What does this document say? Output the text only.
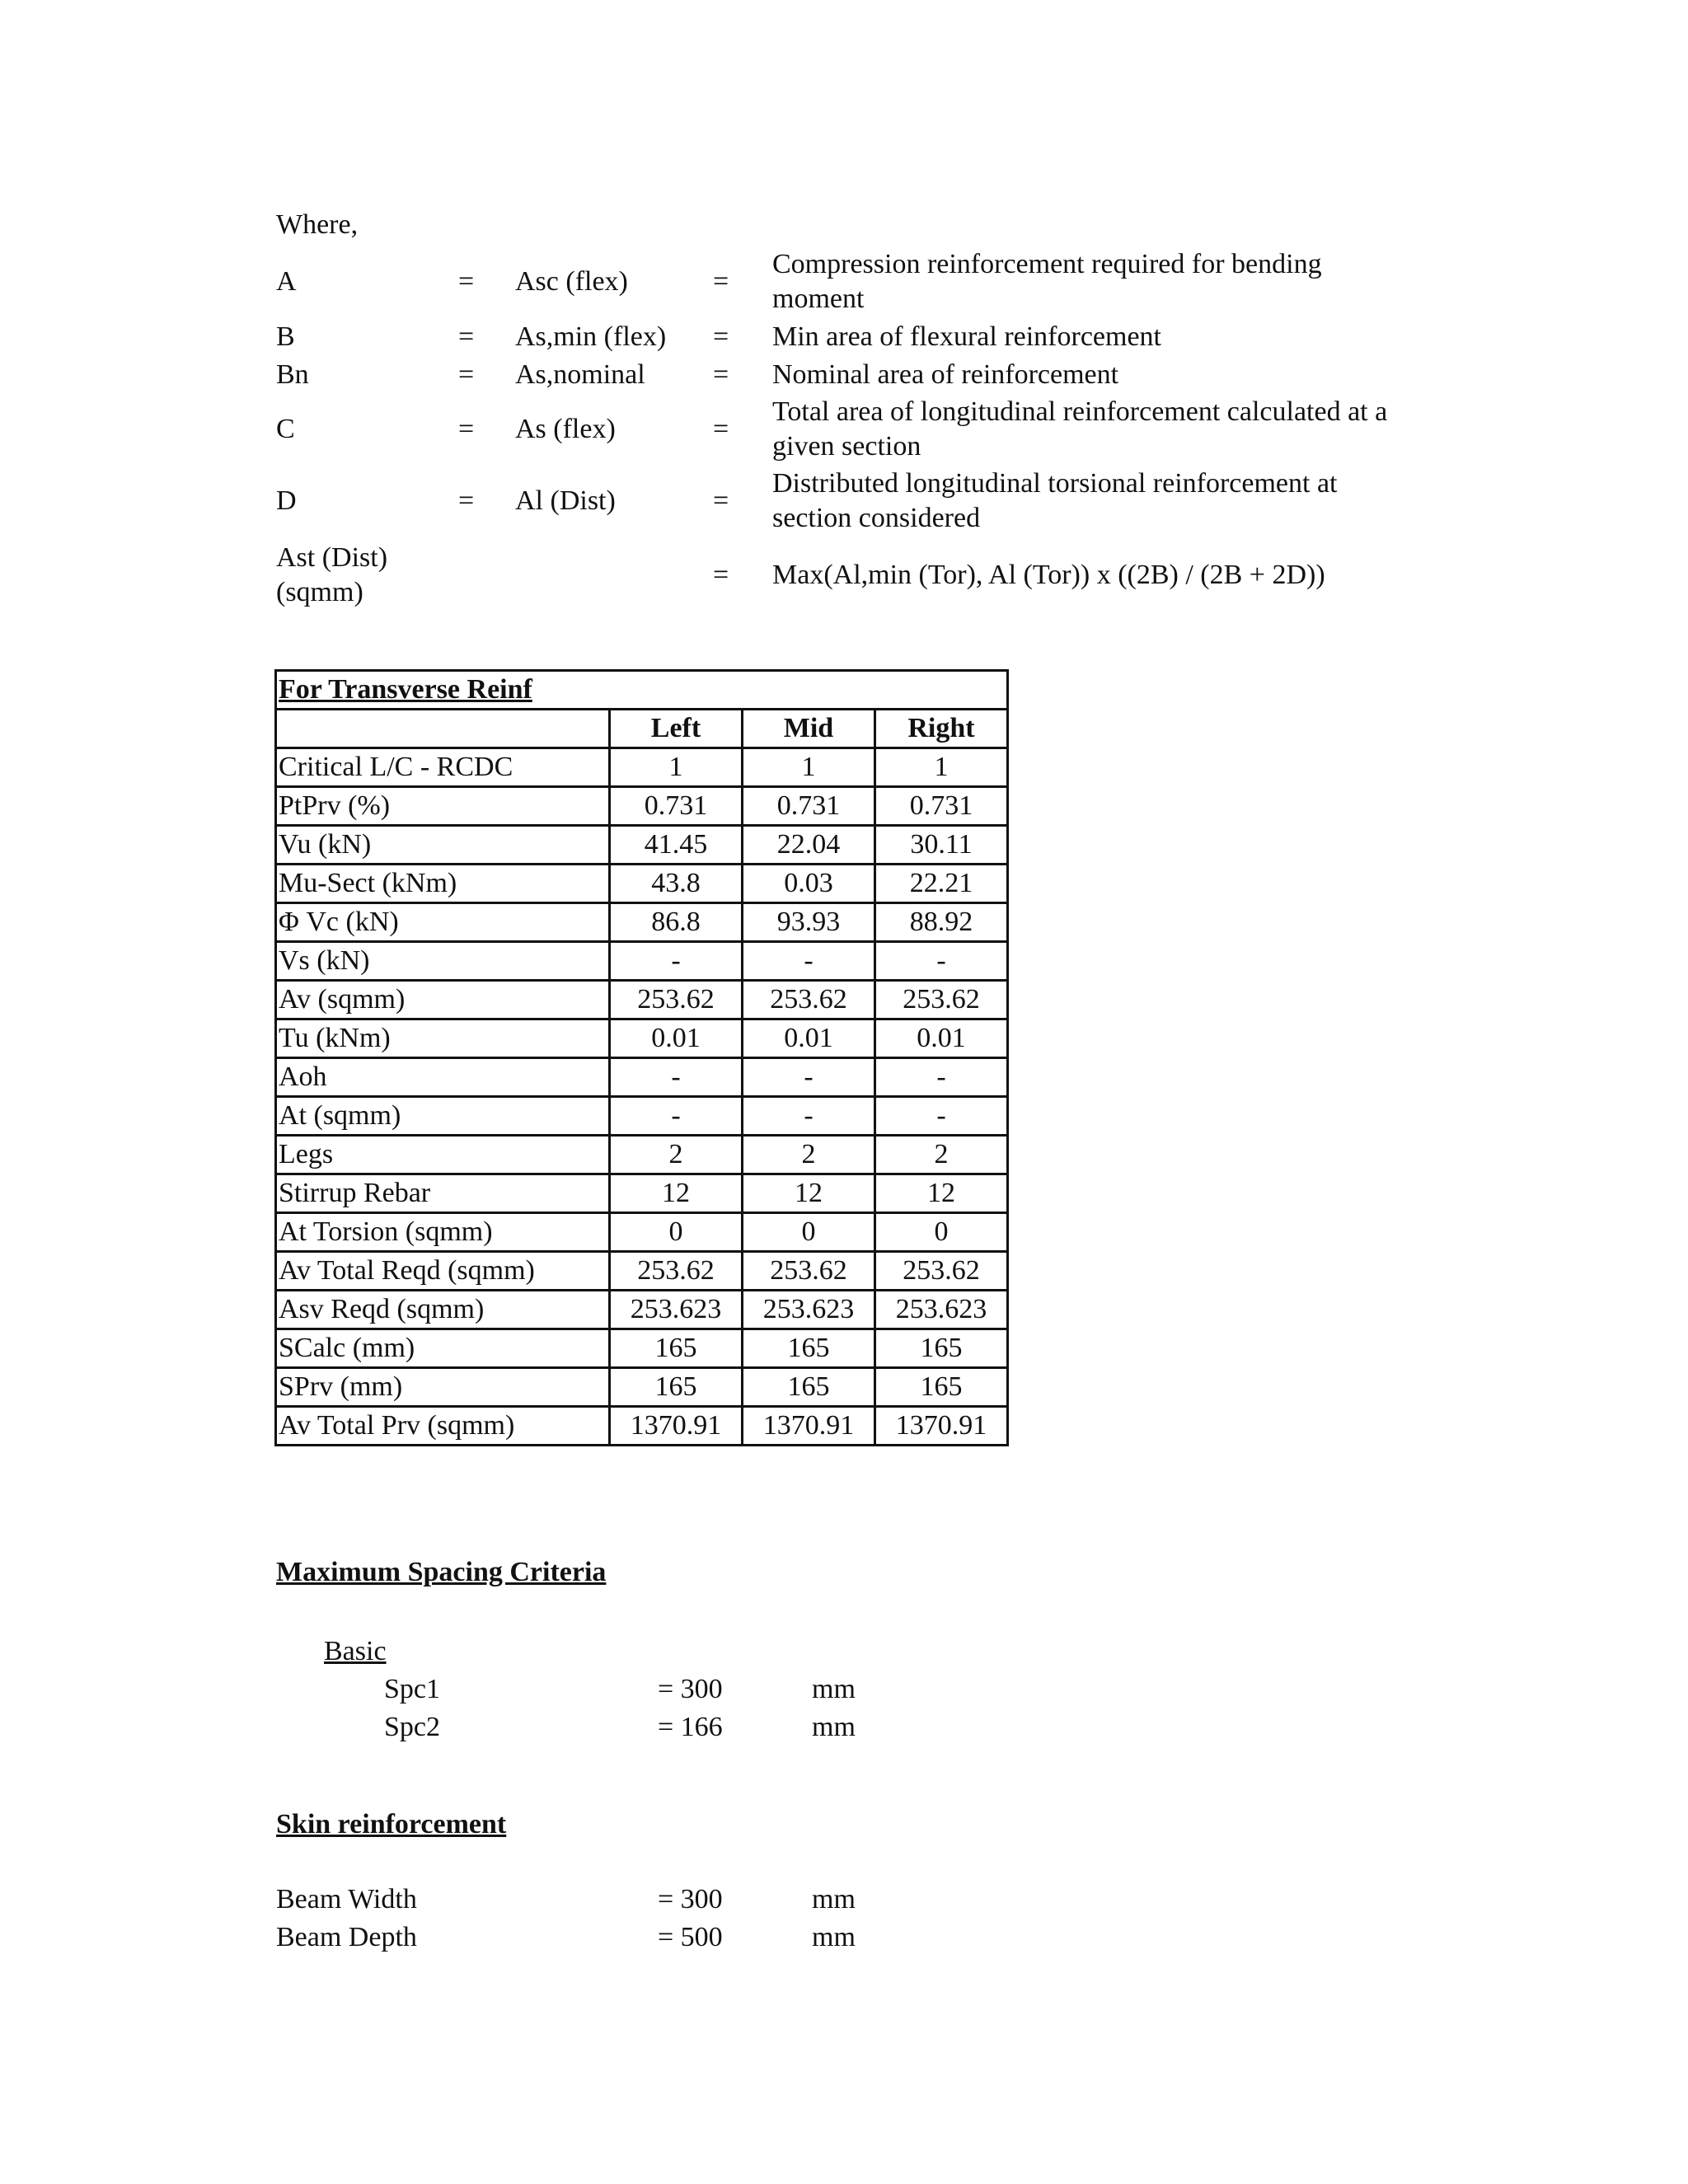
Where,
A	= Asc (flex)	=
Compression reinforcement required for bending moment
B	= As,min (flex) = Min area of flexural reinforcement
Bn	= As,nominal = Nominal area of reinforcement
C	= As (flex)	=
Total area of longitudinal reinforcement calculated at a given section
D	= Al (Dist)	=
Distributed longitudinal torsional reinforcement at section considered
Ast (Dist)
(sqmm)
= Max(Al,min (Tor), Al (Tor)) x ((2B) / (2B + 2D))
For Transverse Reinf			
	Left	Mid	Right
Critical L/C - RCDC	1	1	1
PtPrv (%)	0.731	0.731	0.731
Vu (kN)	41.45	22.04	30.11
Mu-Sect (kNm)	43.8	0.03	22.21
Φ Vc (kN)	86.8	93.93	88.92
Vs (kN)	-	-	-
Av (sqmm)	253.62	253.62	253.62
Tu (kNm)	0.01	0.01	0.01
Aoh	-	-	-
At (sqmm)	-	-	-
Legs	2	2	2
Stirrup Rebar	12	12	12
At Torsion (sqmm)	0	0	0
Av Total Reqd (sqmm)	253.62	253.62	253.62
Asv Reqd (sqmm)	253.623	253.623	253.623
SCalc (mm)	165	165	165
SPrv (mm)	165	165	165
Av Total Prv (sqmm)	1370.91	1370.91	1370.91
Maximum Spacing Criteria
Basic
Spc1	= 300	mm
Spc2	= 166	mm
Skin reinforcement
Beam Width	= 300	mm
Beam Depth	= 500	mm
